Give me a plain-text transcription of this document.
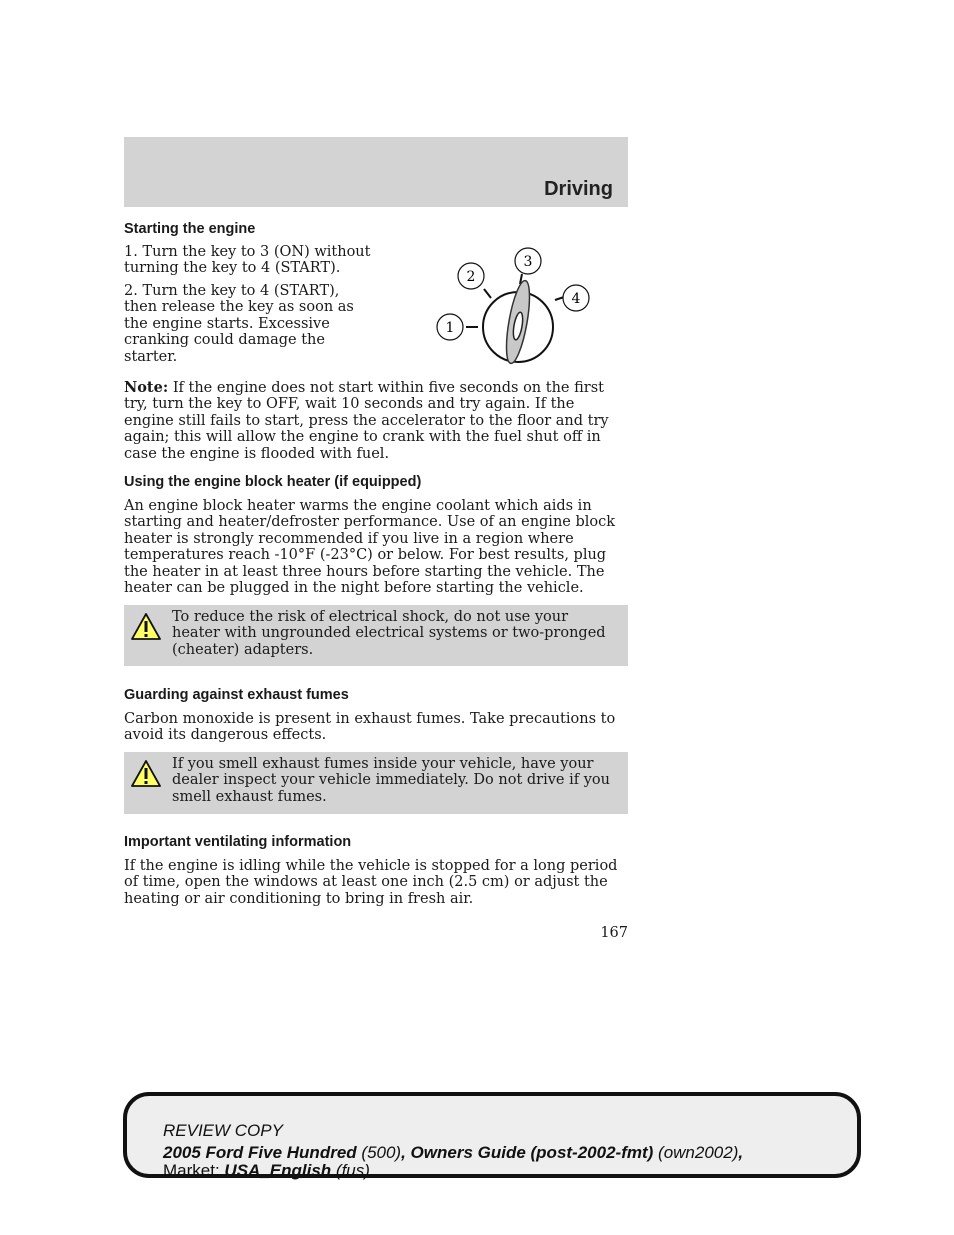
Driving
Starting the engine

1. Turn the key to 3 (ON) without turning the key to 4 (START).

2. Turn the key to 4 (START), then release the key as soon as the engine starts. Excessive cranking could damage the starter.

1
2
3
4

Note: If the engine does not start within five seconds on the first try, turn the key to OFF, wait 10 seconds and try again. If the engine still fails to start, press the accelerator to the floor and try again; this will allow the engine to crank with the fuel shut off in case the engine is flooded with fuel.

Using the engine block heater (if equipped)

An engine block heater warms the engine coolant which aids in starting and heater/defroster performance. Use of an engine block heater is strongly recommended if you live in a region where temperatures reach -10°F (-23°C) or below. For best results, plug the heater in at least three hours before starting the vehicle. The heater can be plugged in the night before starting the vehicle.

To reduce the risk of electrical shock, do not use your heater with ungrounded electrical systems or two-pronged (cheater) adapters.
Guarding against exhaust fumes

Carbon monoxide is present in exhaust fumes. Take precautions to avoid its dangerous effects.

If you smell exhaust fumes inside your vehicle, have your dealer inspect your vehicle immediately. Do not drive if you smell exhaust fumes.
Important ventilating information

If the engine is idling while the vehicle is stopped for a long period of time, open the windows at least one inch (2.5 cm) or adjust the heating or air conditioning to bring in fresh air.

167
REVIEW COPY
2005 Ford Five Hundred (500), Owners Guide (post-2002-fmt) (own2002),
Market: USA_English (fus)
